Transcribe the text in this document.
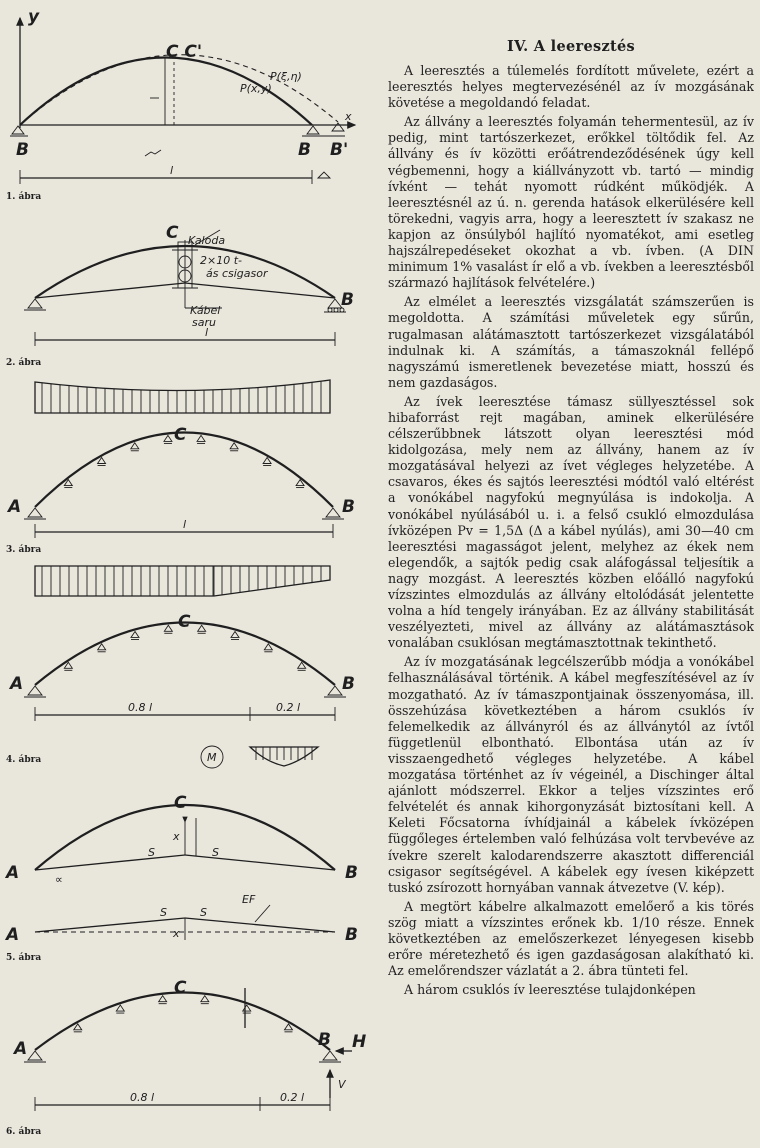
y
x
C C'
P(x,y)
P(ξ,η)
B	B B'
l
1. ábra
C Kaloda
2×10 t-
ás csigasor
Kábel
saru
B
l
2. ábra
C
A	B
l
3. ábra
C
A	B
0.8 l	0.2 l
M
4. ábra
C
A	B
S	S
x
∝
A	B
S	S
x
EF
5. ábra
C
H
V
A	B
0.8 l	0.2 l
6. ábra
IV. A leeresztés

A leeresztés a túlemelés fordított művelete, ezért a leeresztés helyes megtervezésénél az ív mozgásának követése a megoldandó feladat.

Az állvány a leeresztés folyamán tehermentesül, az ív pedig, mint tartószerkezet, erőkkel töltődik fel. Az állvány és ív közötti erőátrendeződésének úgy kell végbemenni, hogy a kiállványzott vb. tartó — mindig ívként — tehát nyomott rúdként működjék. A leeresztésnél az ú. n. gerenda hatások elkerülésére kell törekedni, vagyis arra, hogy a leeresztett ív szakasz ne kapjon az önsúlyból hajlító nyomatékot, ami esetleg hajszálrepedéseket okozhat a vb. ívben. (A DIN minimum 1% vasalást ír elő a vb. ívekben a leeresztésből származó hajlítások felvételére.)

Az elmélet a leeresztés vizsgálatát számszerűen is megoldotta. A számítási műveletek egy sűrűn, rugalmasan alátámasztott tartószerkezet vizsgálatából indulnak ki. A számítás, a támaszoknál fellépő nagyszámú ismeretlenek bevezetése miatt, hosszú és nem gazdaságos.

Az ívek leeresztése támasz süllyesztéssel sok hibaforrást rejt magában, aminek elkerülésére célszerűbbnek látszott olyan leeresztési mód kidolgozása, mely nem az állvány, hanem az ív mozgatásával helyezi az ívet végleges helyzetébe. A csavaros, ékes és sajtós leeresztési módtól való eltérést a vonókábel nagyfokú megnyúlása is indokolja. A vonókábel nyúlásából u. i. a felső csukló elmozdulása ívközépen Pv = 1,5Δ (Δ a kábel nyúlás), ami 30—40 cm leeresztési magasságot jelent, melyhez az ékek nem elegendők, a sajtók pedig csak aláfogással teljesítik a nagy mozgást. A leeresztés közben előálló nagyfokú vízszintes elmozdulás az állvány eltolódását jelentette volna a híd tengely irányában. Ez az állvány stabilitását veszélyezteti, mivel az állvány az alátámasztások vonalában csuklósan megtámasztottnak tekinthető.

Az ív mozgatásának legcélszerűbb módja a vonókábel felhasználásával történik. A kábel megfeszítésével az ív mozgatható. Az ív támaszpontjainak összenyomása, ill. összehúzása következtében a három csuklós ív felemelkedik az állványról és az állványtól az ívtől függetlenül elbontható. Elbontása után az ív visszaengedhető végleges helyzetébe. A kábel mozgatása történhet az ív végeinél, a Dischinger által ajánlott módszerrel. Ekkor a teljes vízszintes erő felvételét és annak kihorgonyzását biztosítani kell. A Keleti Főcsatorna ívhídjainál a kábelek ívközépen függőleges értelemben való felhúzása volt tervbevéve az ívekre szerelt kalodarendszerre akasztott differenciál csigasor segítségével. A kábelek egy ívesen kiképzett tuskó zsírozott hornyában vannak átvezetve (V. kép).

A megtört kábelre alkalmazott emelőerő a kis törés szög miatt a vízszintes erőnek kb. 1/10 része. Ennek következtében az emelőszerkezet lényegesen kisebb erőre méretezhető és igen gazdaságosan alakítható ki. Az emelőrendszer vázlatát a 2. ábra tünteti fel.

A három csuklós ív leeresztése tulajdonképen
